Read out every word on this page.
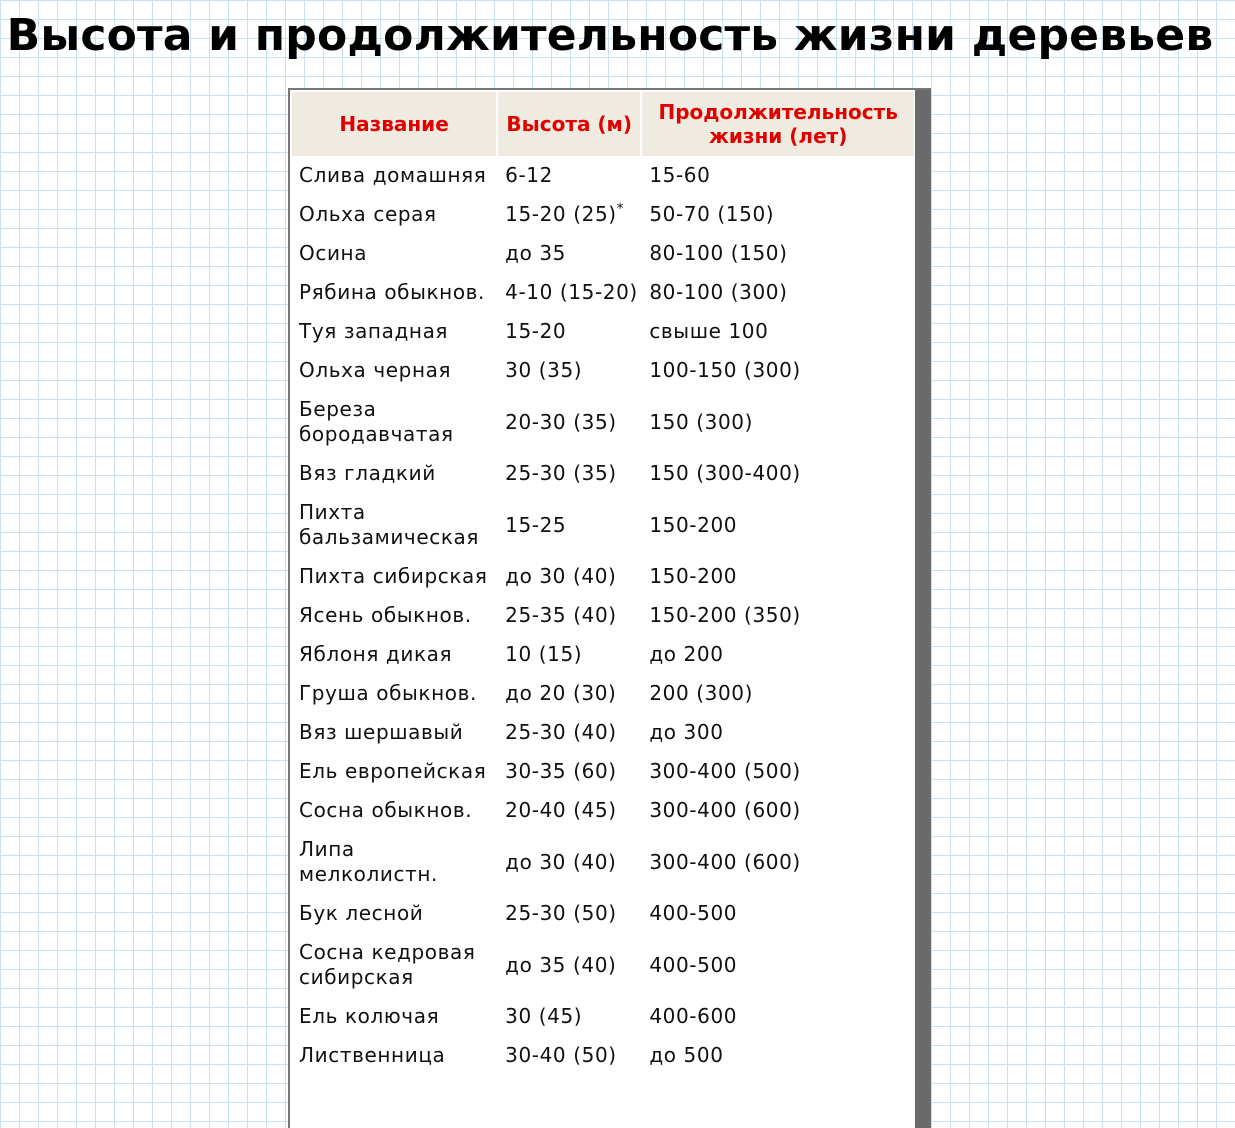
Высота и продолжительность жизни деревьев
Название	Высота (м)	Продолжительность жизни (лет)
Слива домашняя	6-12	15-60
Ольха серая	15-20 (25)*	50-70 (150)
Осина	до 35	80-100 (150)
Рябина обыкнов.	4-10 (15-20)	80-100 (300)
Туя западная	15-20	свыше 100
Ольха черная	30 (35)	100-150 (300)
Береза бородавчатая	20-30 (35)	150 (300)
Вяз гладкий	25-30 (35)	150 (300-400)
Пихта бальзамическая	15-25	150-200
Пихта сибирская	до 30 (40)	150-200
Ясень обыкнов.	25-35 (40)	150-200 (350)
Яблоня дикая	10 (15)	до 200
Груша обыкнов.	до 20 (30)	200 (300)
Вяз шершавый	25-30 (40)	до 300
Ель европейская	30-35 (60)	300-400 (500)
Сосна обыкнов.	20-40 (45)	300-400 (600)
Липа мелколистн.	до 30 (40)	300-400 (600)
Бук лесной	25-30 (50)	400-500
Сосна кедровая сибирская	до 35 (40)	400-500
Ель колючая	30 (45)	400-600
Лиственница	30-40 (50)	до 500
